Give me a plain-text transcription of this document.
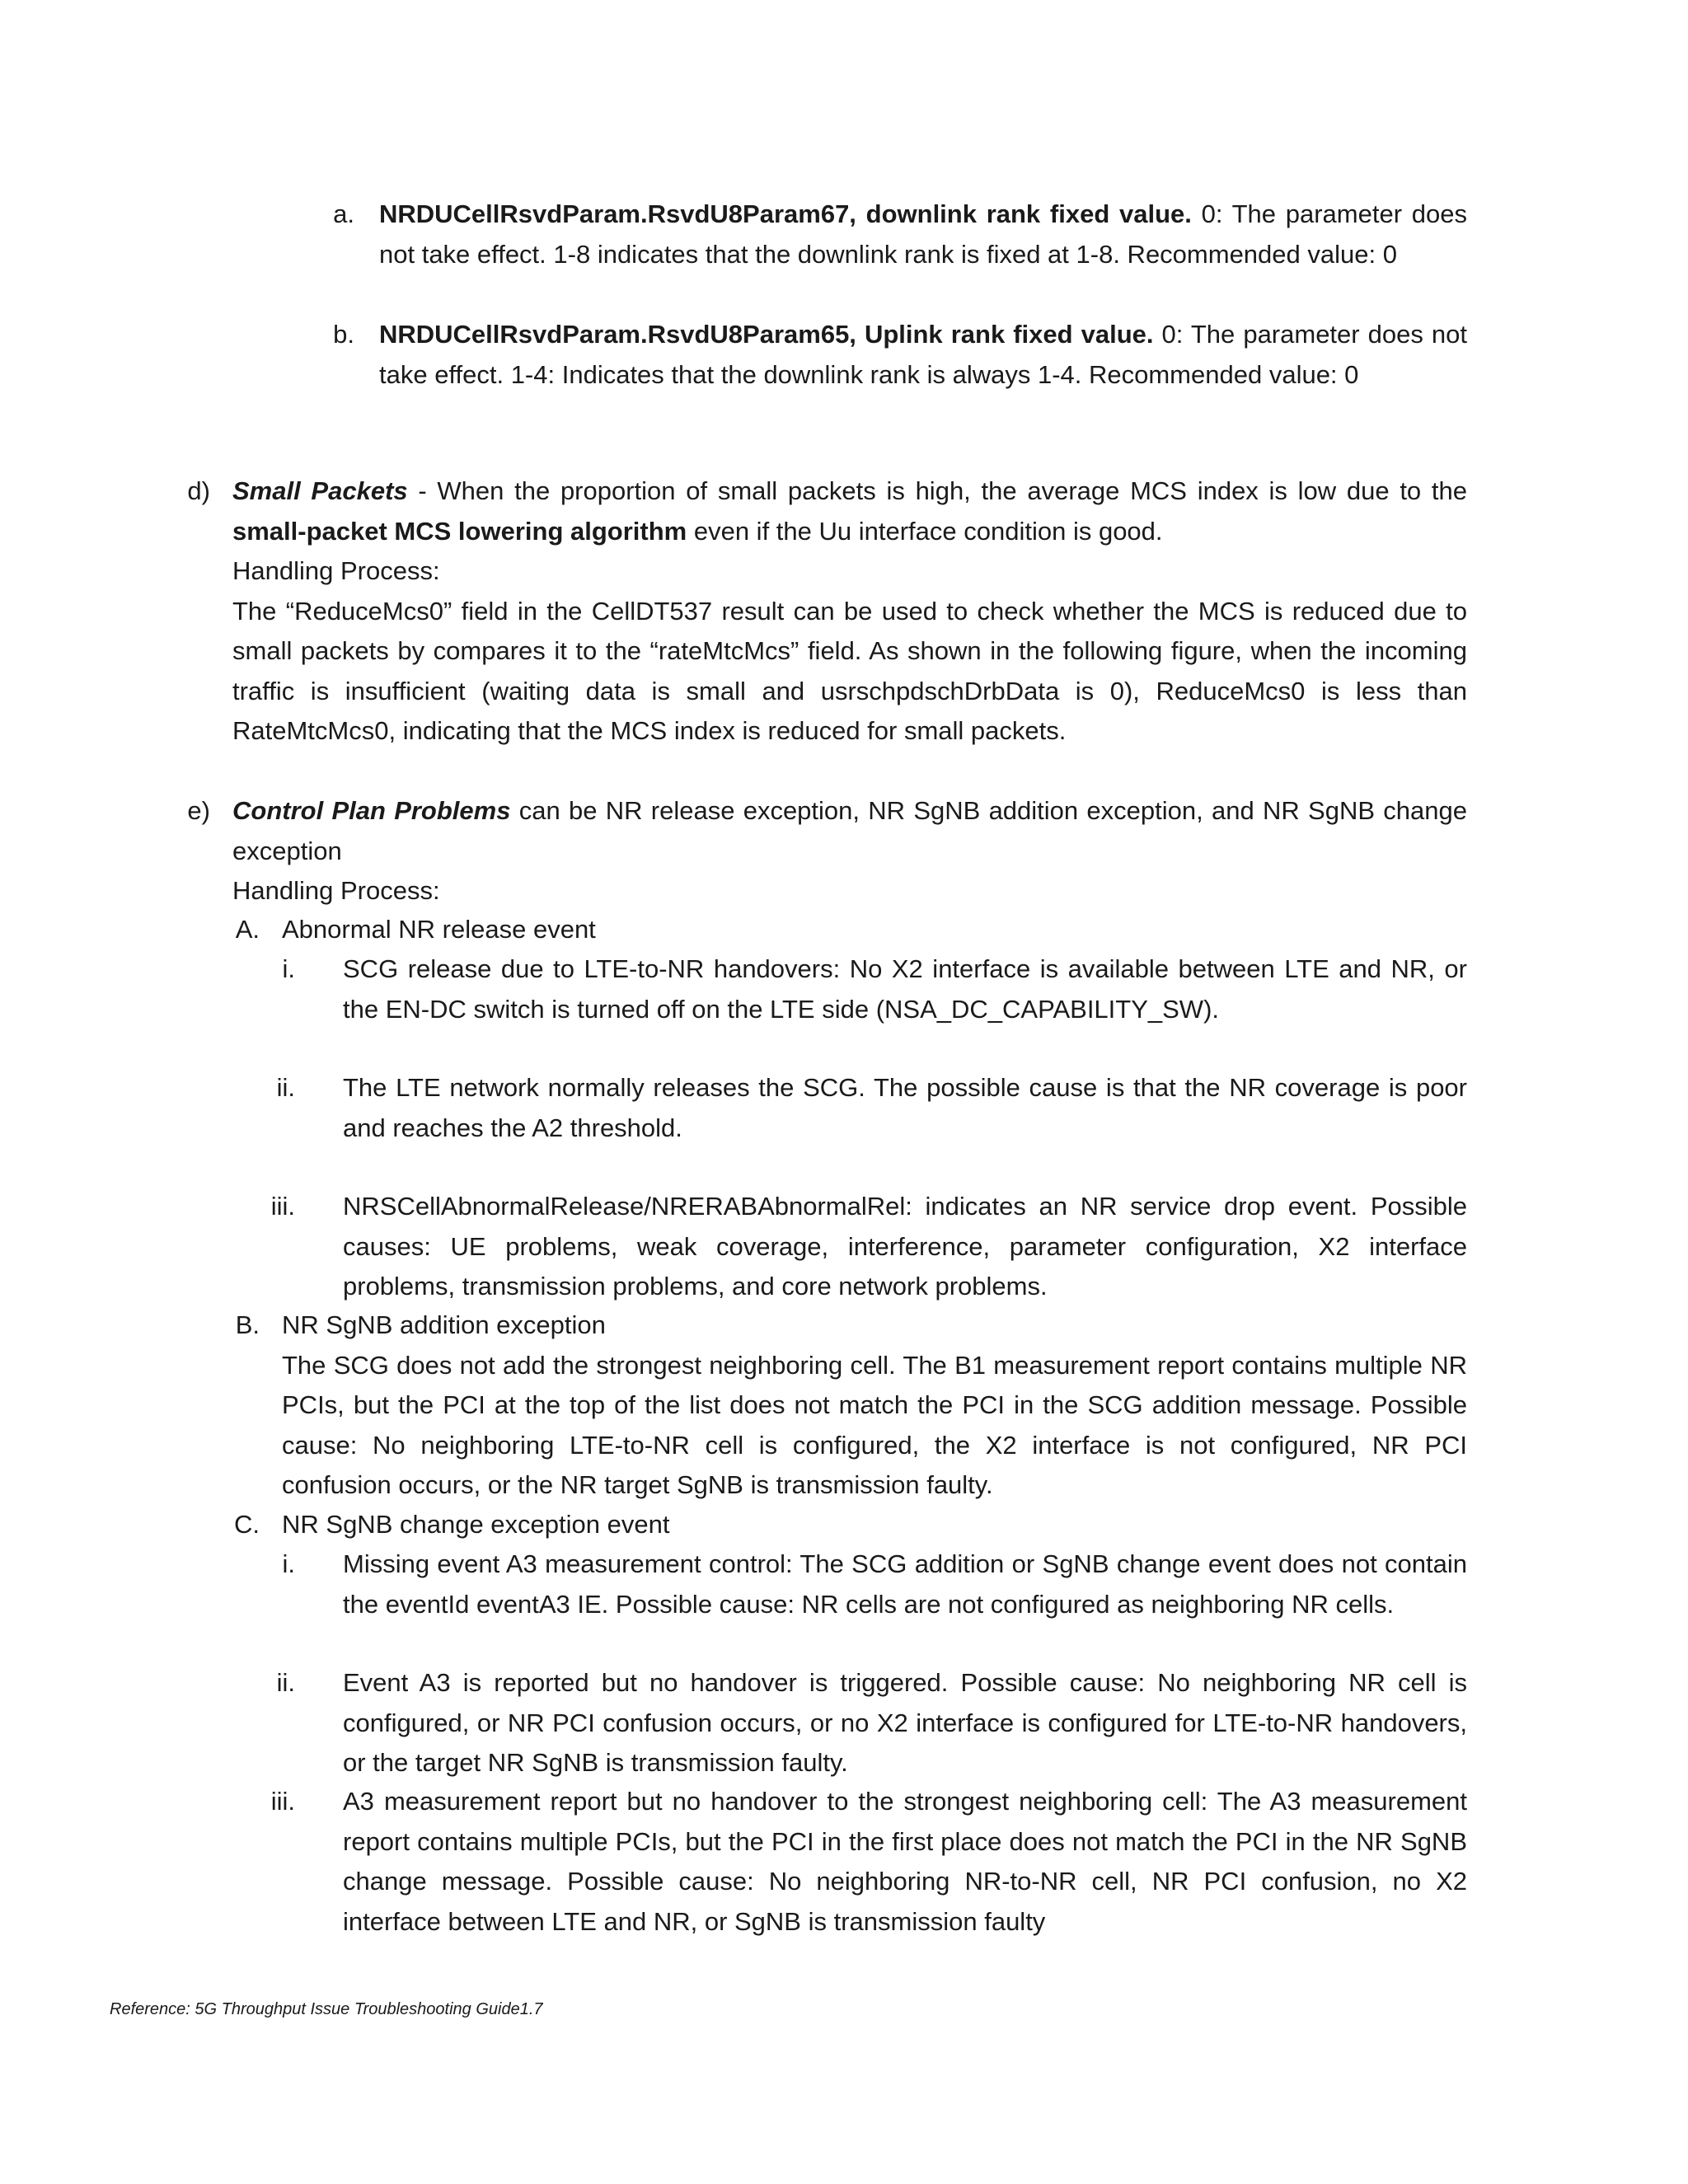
a. NRDUCellRsvdParam.RsvdU8Param67, downlink rank fixed value. 0: The parameter does not take effect. 1-8 indicates that the downlink rank is fixed at 1-8. Recommended value: 0
b. NRDUCellRsvdParam.RsvdU8Param65, Uplink rank fixed value. 0: The parameter does not take effect. 1-4: Indicates that the downlink rank is always 1-4. Recommended value: 0
d) Small Packets - When the proportion of small packets is high, the average MCS index is low due to the small-packet MCS lowering algorithm even if the Uu interface condition is good.
Handling Process:
The “ReduceMcs0” field in the CellDT537 result can be used to check whether the MCS is reduced due to small packets by compares it to the “rateMtcMcs” field. As shown in the following figure, when the incoming traffic is insufficient (waiting data is small and usrschpdschDrbData is 0), ReduceMcs0 is less than RateMtcMcs0, indicating that the MCS index is reduced for small packets.
e) Control Plan Problems can be NR release exception, NR SgNB addition exception, and NR SgNB change exception
Handling Process:
A. Abnormal NR release event
i. SCG release due to LTE-to-NR handovers: No X2 interface is available between LTE and NR, or the EN-DC switch is turned off on the LTE side (NSA_DC_CAPABILITY_SW).
ii. The LTE network normally releases the SCG. The possible cause is that the NR coverage is poor and reaches the A2 threshold.
iii. NRSCellAbnormalRelease/NRERABAbnormalRel: indicates an NR service drop event. Possible causes: UE problems, weak coverage, interference, parameter configuration, X2 interface problems, transmission problems, and core network problems.
B. NR SgNB addition exception
The SCG does not add the strongest neighboring cell. The B1 measurement report contains multiple NR PCIs, but the PCI at the top of the list does not match the PCI in the SCG addition message. Possible cause: No neighboring LTE-to-NR cell is configured, the X2 interface is not configured, NR PCI confusion occurs, or the NR target SgNB is transmission faulty.
C. NR SgNB change exception event
i. Missing event A3 measurement control: The SCG addition or SgNB change event does not contain the eventId eventA3 IE. Possible cause: NR cells are not configured as neighboring NR cells.
ii. Event A3 is reported but no handover is triggered. Possible cause: No neighboring NR cell is configured, or NR PCI confusion occurs, or no X2 interface is configured for LTE-to-NR handovers, or the target NR SgNB is transmission faulty.
iii. A3 measurement report but no handover to the strongest neighboring cell: The A3 measurement report contains multiple PCIs, but the PCI in the first place does not match the PCI in the NR SgNB change message. Possible cause: No neighboring NR-to-NR cell, NR PCI confusion, no X2 interface between LTE and NR, or SgNB is transmission faulty
Reference: 5G Throughput Issue Troubleshooting Guide1.7
